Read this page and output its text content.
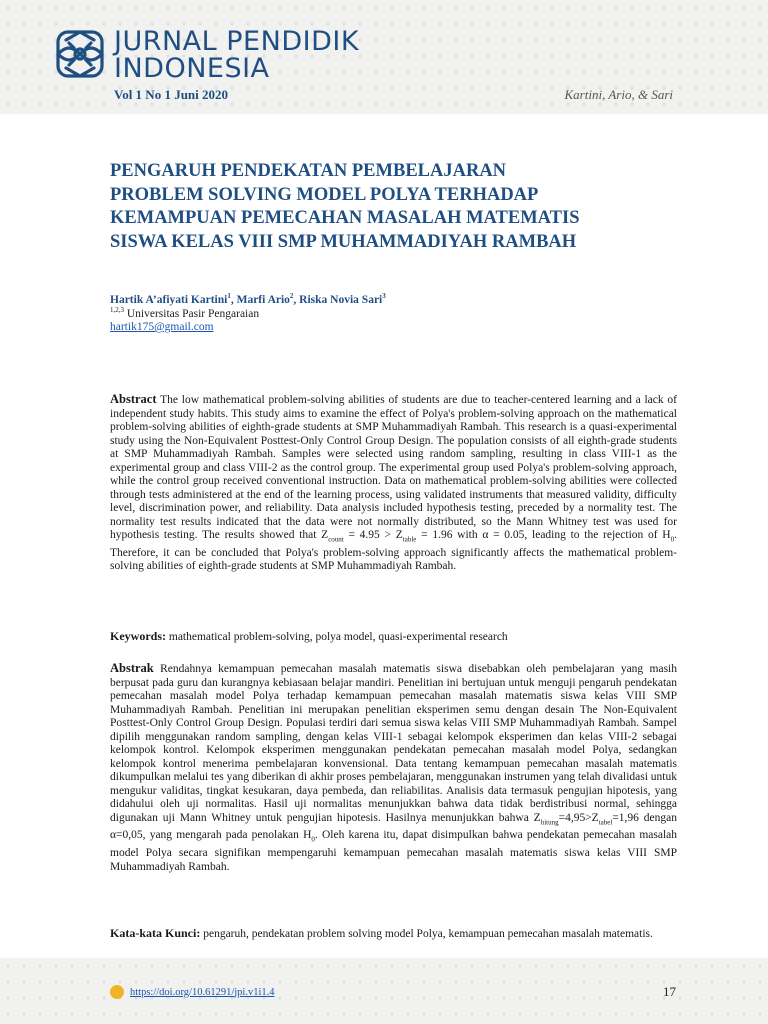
JURNAL PENDIDIK
INDONESIA
Vol 1 No 1 Juni 2020	Kartini, Ario, & Sari
PENGARUH PENDEKATAN PEMBELAJARAN
PROBLEM SOLVING MODEL POLYA TERHADAP
KEMAMPUAN PEMECAHAN MASALAH MATEMATIS
SISWA KELAS VIII SMP MUHAMMADIYAH RAMBAH
Hartik A’afiyati Kartini$^1$, Marfi Ario$^2$, Riska Novia Sari$^3$
$^{1,2,3}$ Universitas Pasir Pengaraian
hartik175@gmail.com
Abstract The low mathematical problem-solving abilities of students are due to teacher-centered learning and a lack of independent study habits. This study aims to examine the effect of Polya's problem-solving approach on the mathematical problem-solving abilities of eighth-grade students at SMP Muhammadiyah Rambah. This research is a quasi-experimental study using the Non-Equivalent Posttest-Only Control Group Design. The population consists of all eighth-grade students at SMP Muhammadiyah Rambah. Samples were selected using random sampling, resulting in class VIII-1 as the experimental group and class VIII-2 as the control group. The experimental group used Polya's problem-solving approach, while the control group received conventional instruction. Data on mathematical problem-solving abilities were collected through tests administered at the end of the learning process, using validated instruments that measured validity, difficulty level, discrimination power, and reliability. Data analysis included hypothesis testing, preceded by a normality test. The normality test results indicated that the data were not normally distributed, so the Mann Whitney test was used for hypothesis testing. The results showed that $Z_{count} = 4.95 > Z_{table} = 1.96$ with α = 0.05, leading to the rejection of $H_0$. Therefore, it can be concluded that Polya's problem-solving approach significantly affects the mathematical problem-solving abilities of eighth-grade students at SMP Muhammadiyah Rambah.
Keywords: mathematical problem-solving, polya model, quasi-experimental research
Abstrak Rendahnya kemampuan pemecahan masalah matematis siswa disebabkan oleh pembelajaran yang masih berpusat pada guru dan kurangnya kebiasaan belajar mandiri. Penelitian ini bertujuan untuk menguji pengaruh pendekatan pemecahan masalah model Polya terhadap kemampuan pemecahan masalah matematis siswa kelas VIII SMP Muhammadiyah Rambah. Penelitian ini merupakan penelitian eksperimen semu dengan desain The Non-Equivalent Posttest-Only Control Group Design. Populasi terdiri dari semua siswa kelas VIII SMP Muhammadiyah Rambah. Sampel dipilih menggunakan random sampling, dengan kelas VIII-1 sebagai kelompok eksperimen dan kelas VIII-2 sebagai kelompok kontrol. Kelompok eksperimen menggunakan pendekatan pemecahan masalah model Polya, sedangkan kelompok kontrol menerima pembelajaran konvensional. Data tentang kemampuan pemecahan masalah matematis dikumpulkan melalui tes yang diberikan di akhir proses pembelajaran, menggunakan instrumen yang telah divalidasi untuk mengukur validitas, tingkat kesukaran, daya pembeda, dan reliabilitas. Analisis data termasuk pengujian hipotesis, yang didahului oleh uji normalitas. Hasil uji normalitas menunjukkan bahwa data tidak berdistribusi normal, sehingga digunakan uji Mann Whitney untuk pengujian hipotesis. Hasilnya menunjukkan bahwa $Z_{hitung}=4,95>Z_{tabel}=1,96$ dengan α=0,05, yang mengarah pada penolakan $H_0$. Oleh karena itu, dapat disimpulkan bahwa pendekatan pemecahan masalah model Polya secara signifikan mempengaruhi kemampuan pemecahan masalah matematis siswa kelas VIII SMP Muhammadiyah Rambah.
Kata-kata Kunci: pengaruh, pendekatan problem solving model Polya, kemampuan pemecahan masalah matematis.
https://doi.org/10.61291/jpi.v1i1.4	17
